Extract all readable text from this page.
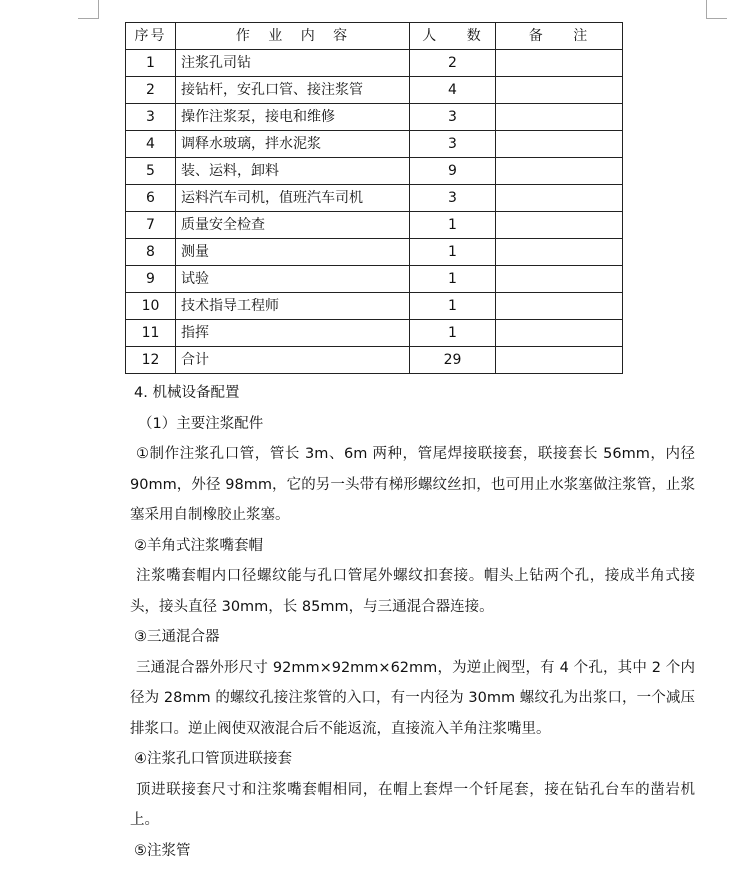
序号	作 业 内 容	人 数	备 注
1	注浆孔司钻	2	
2	接钻杆，安孔口管、接注浆管	4	
3	操作注浆泵，接电和维修	3	
4	调释水玻璃，拌水泥浆	3	
5	装、运料，卸料	9	
6	运料汽车司机，值班汽车司机	3	
7	质量安全检查	1	
8	测量	1	
9	试验	1	
10	技术指导工程师	1	
11	指挥	1	
12	合计	29	

4. 机械设备配置

（1）主要注浆配件

①制作注浆孔口管，管长 3m、6m 两种，管尾焊接联接套，联接套长 56mm，内径 90mm，外径 98mm，它的另一头带有梯形螺纹丝扣，也可用止水浆塞做注浆管，止浆塞采用自制橡胶止浆塞。

②羊角式注浆嘴套帽

注浆嘴套帽内口径螺纹能与孔口管尾外螺纹扣套接。帽头上钻两个孔，接成半角式接头，接头直径 30mm，长 85mm，与三通混合器连接。

③三通混合器

三通混合器外形尺寸 92mm×92mm×62mm，为逆止阀型，有 4 个孔，其中 2 个内径为 28mm 的螺纹孔接注浆管的入口，有一内径为 30mm 螺纹孔为出浆口，一个减压排浆口。逆止阀使双液混合后不能返流，直接流入羊角注浆嘴里。

④注浆孔口管顶进联接套

顶进联接套尺寸和注浆嘴套帽相同，在帽上套焊一个钎尾套，接在钻孔台车的凿岩机上。

⑤注浆管
